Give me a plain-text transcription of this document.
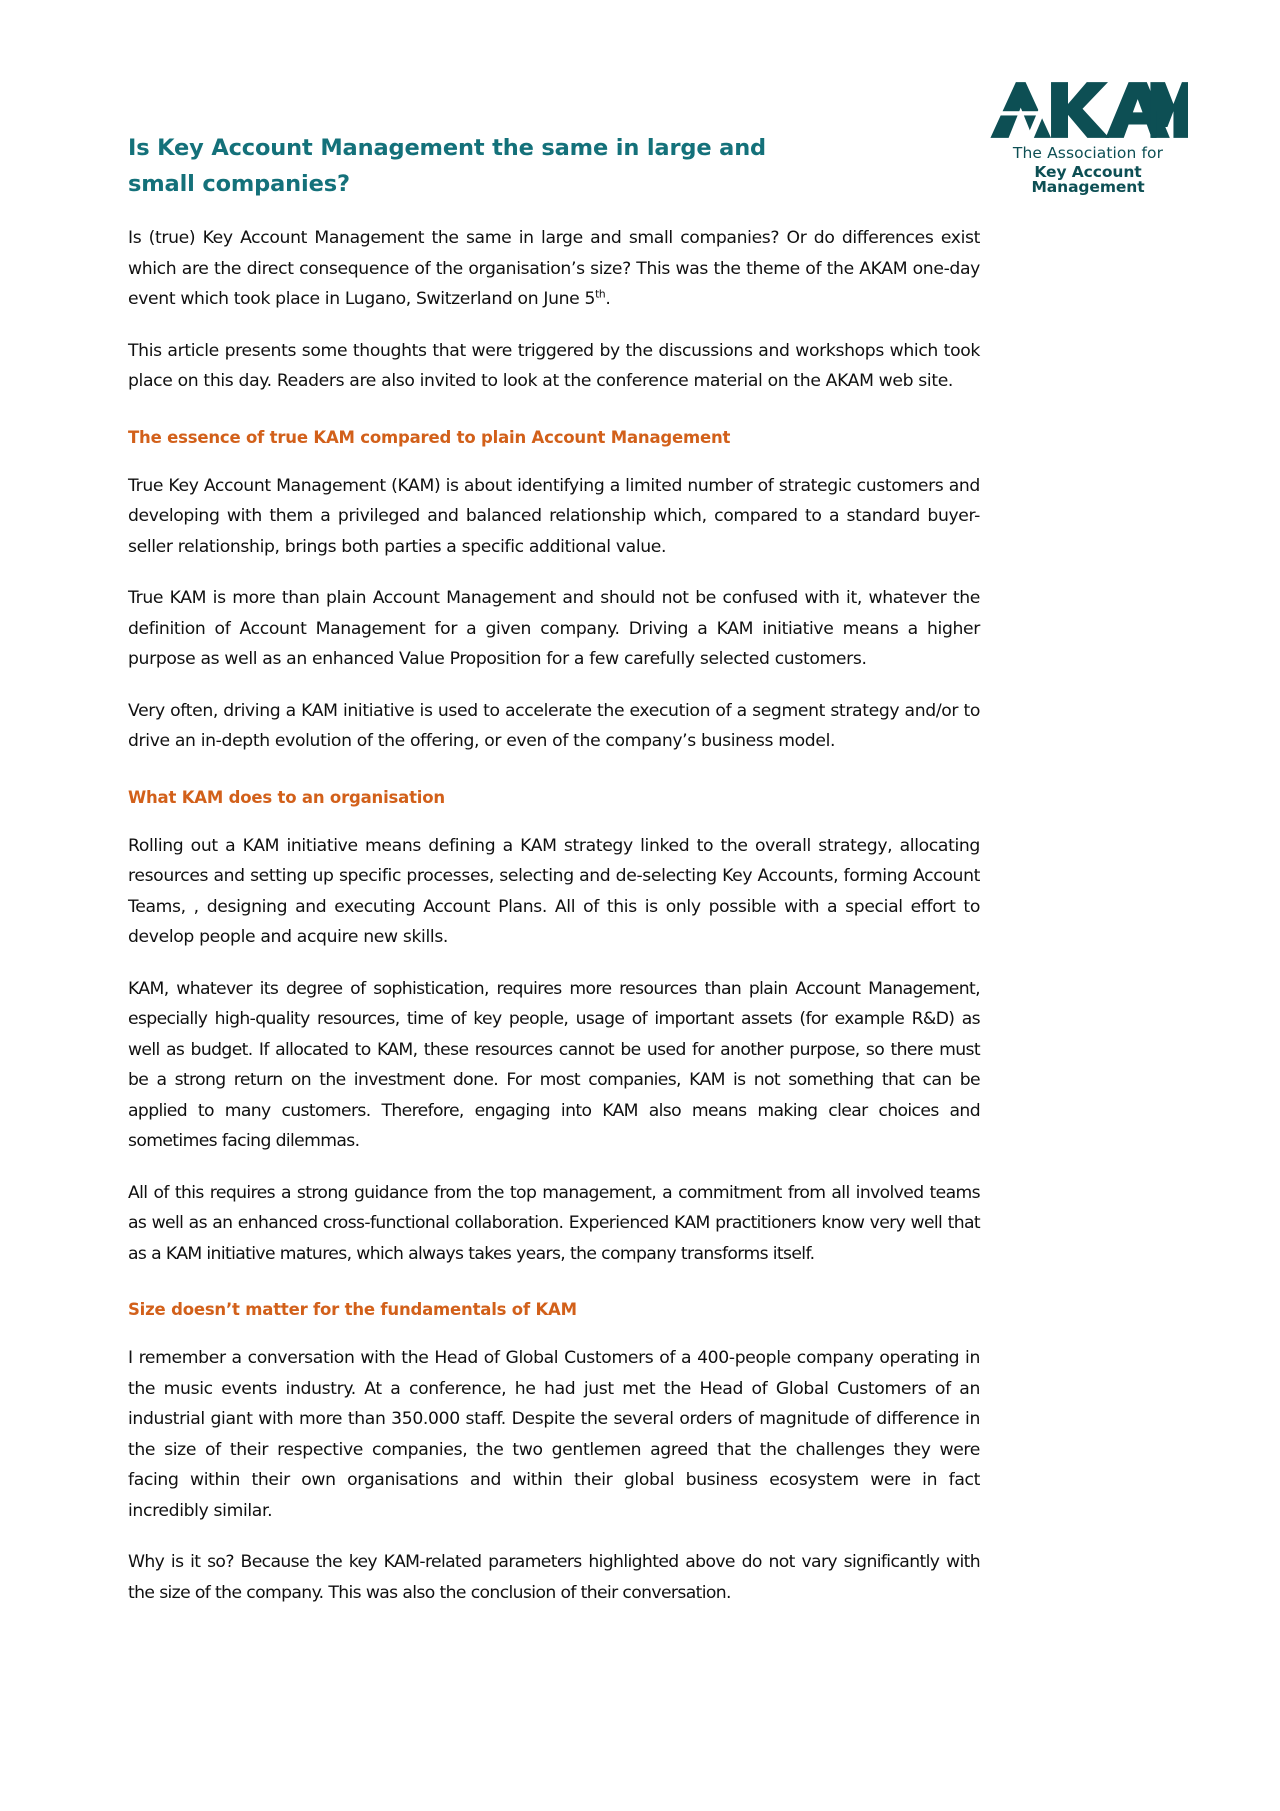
The Association for
Key Account Management
Is Key Account Management the same in large and small companies?

Is (true) Key Account Management the same in large and small companies? Or do differences exist which are the direct consequence of the organisation’s size? This was the theme of the AKAM one-day event which took place in Lugano, Switzerland on June 5th.

This article presents some thoughts that were triggered by the discussions and workshops which took place on this day. Readers are also invited to look at the conference material on the AKAM web site.

The essence of true KAM compared to plain Account Management

True Key Account Management (KAM) is about identifying a limited number of strategic customers and developing with them a privileged and balanced relationship which, compared to a standard buyer-seller relationship, brings both parties a specific additional value.

True KAM is more than plain Account Management and should not be confused with it, whatever the definition of Account Management for a given company. Driving a KAM initiative means a higher purpose as well as an enhanced Value Proposition for a few carefully selected customers.

Very often, driving a KAM initiative is used to accelerate the execution of a segment strategy and/or to drive an in-depth evolution of the offering, or even of the company’s business model.

What KAM does to an organisation

Rolling out a KAM initiative means defining a KAM strategy linked to the overall strategy, allocating resources and setting up specific processes, selecting and de-selecting Key Accounts, forming Account Teams, , designing and executing Account Plans. All of this is only possible with a special effort to develop people and acquire new skills.

KAM, whatever its degree of sophistication, requires more resources than plain Account Management, especially high-quality resources, time of key people, usage of important assets (for example R&D) as well as budget. If allocated to KAM, these resources cannot be used for another purpose, so there must be a strong return on the investment done. For most companies, KAM is not something that can be applied to many customers. Therefore, engaging into KAM also means making clear choices and sometimes facing dilemmas.

All of this requires a strong guidance from the top management, a commitment from all involved teams as well as an enhanced cross-functional collaboration. Experienced KAM practitioners know very well that as a KAM initiative matures, which always takes years, the company transforms itself.

Size doesn’t matter for the fundamentals of KAM

I remember a conversation with the Head of Global Customers of a 400-people company operating in the music events industry. At a conference, he had just met the Head of Global Customers of an industrial giant with more than 350.000 staff. Despite the several orders of magnitude of difference in the size of their respective companies, the two gentlemen agreed that the challenges they were facing within their own organisations and within their global business ecosystem were in fact incredibly similar.

Why is it so? Because the key KAM-related parameters highlighted above do not vary significantly with the size of the company. This was also the conclusion of their conversation.
